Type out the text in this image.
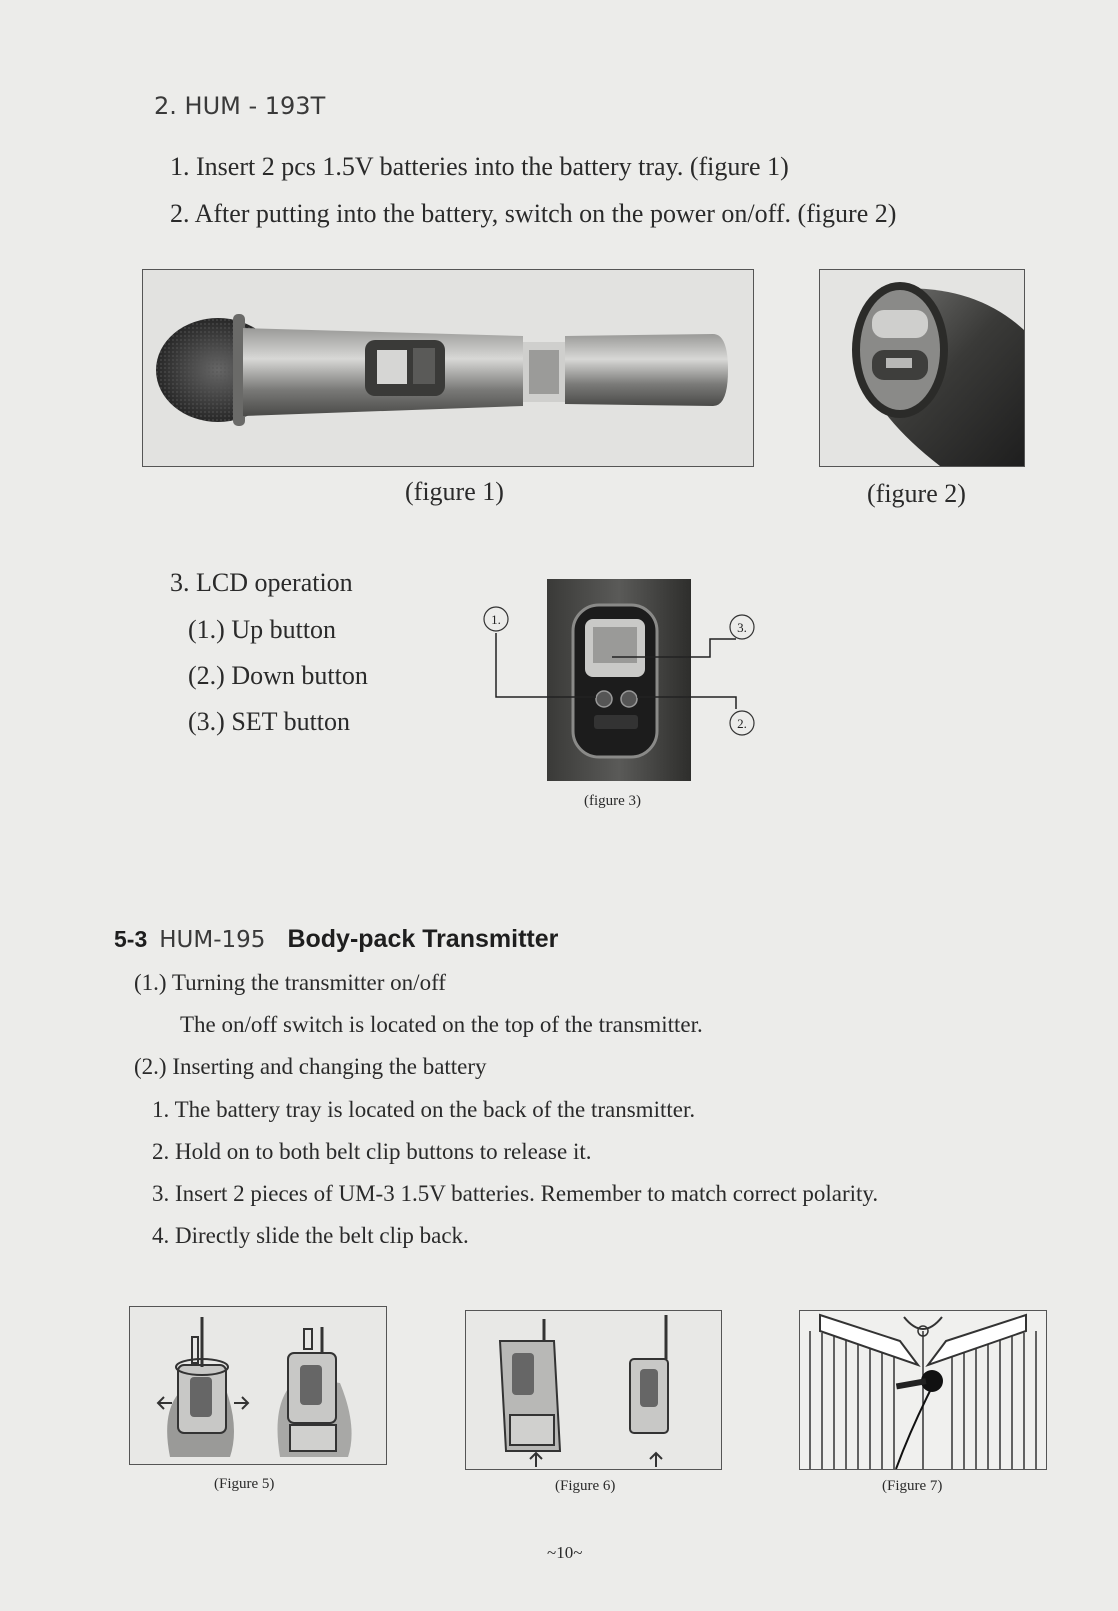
2. HUM - 193T
1. Insert 2 pcs 1.5V batteries into the battery tray. (figure 1)
2. After putting into the battery, switch on the power on/off. (figure 2)
(figure 1)	(figure 2)
3. LCD operation
(1.) Up button
(2.) Down button
(3.) SET button
1.
3.
2.
(figure 3)
5-3 HUM-195 Body-pack Transmitter
(1.) Turning the transmitter on/off
The on/off switch is located on the top of the transmitter.
(2.) Inserting and changing the battery
1. The battery tray is located on the back of the transmitter.
2. Hold on to both belt clip buttons to release it.
3. Insert 2 pieces of UM-3 1.5V batteries. Remember to match correct polarity.
4. Directly slide the belt clip back.
(Figure 5)	(Figure 6)	(Figure 7)
~10~
